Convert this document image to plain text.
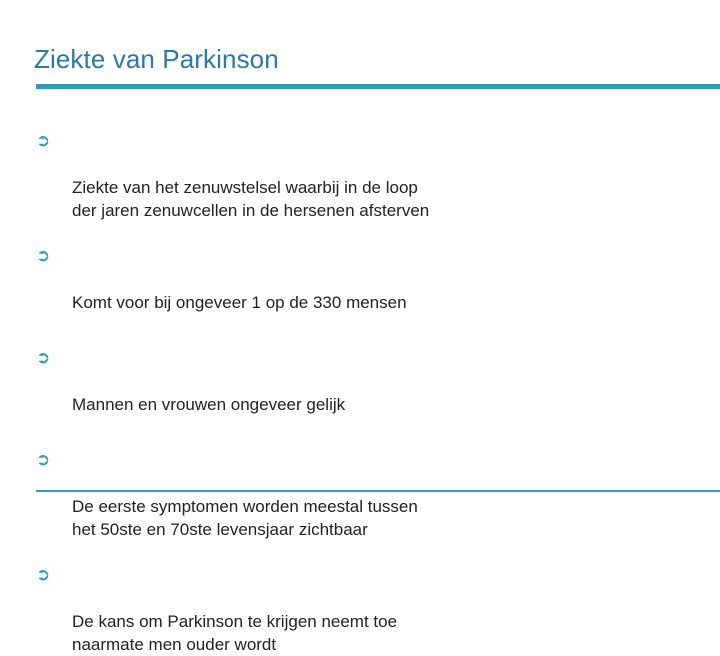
Ziekte van Parkinson

➲

Ziekte van het zenuwstelsel waarbij in de loop
der jaren zenuwcellen in de hersenen afsterven

➲

Komt voor bij ongeveer 1 op de 330 mensen

➲

Mannen en vrouwen ongeveer gelijk

➲

De eerste symptomen worden meestal tussen
het 50ste en 70ste levensjaar zichtbaar

➲

De kans om Parkinson te krijgen neemt toe
naarmate men ouder wordt
